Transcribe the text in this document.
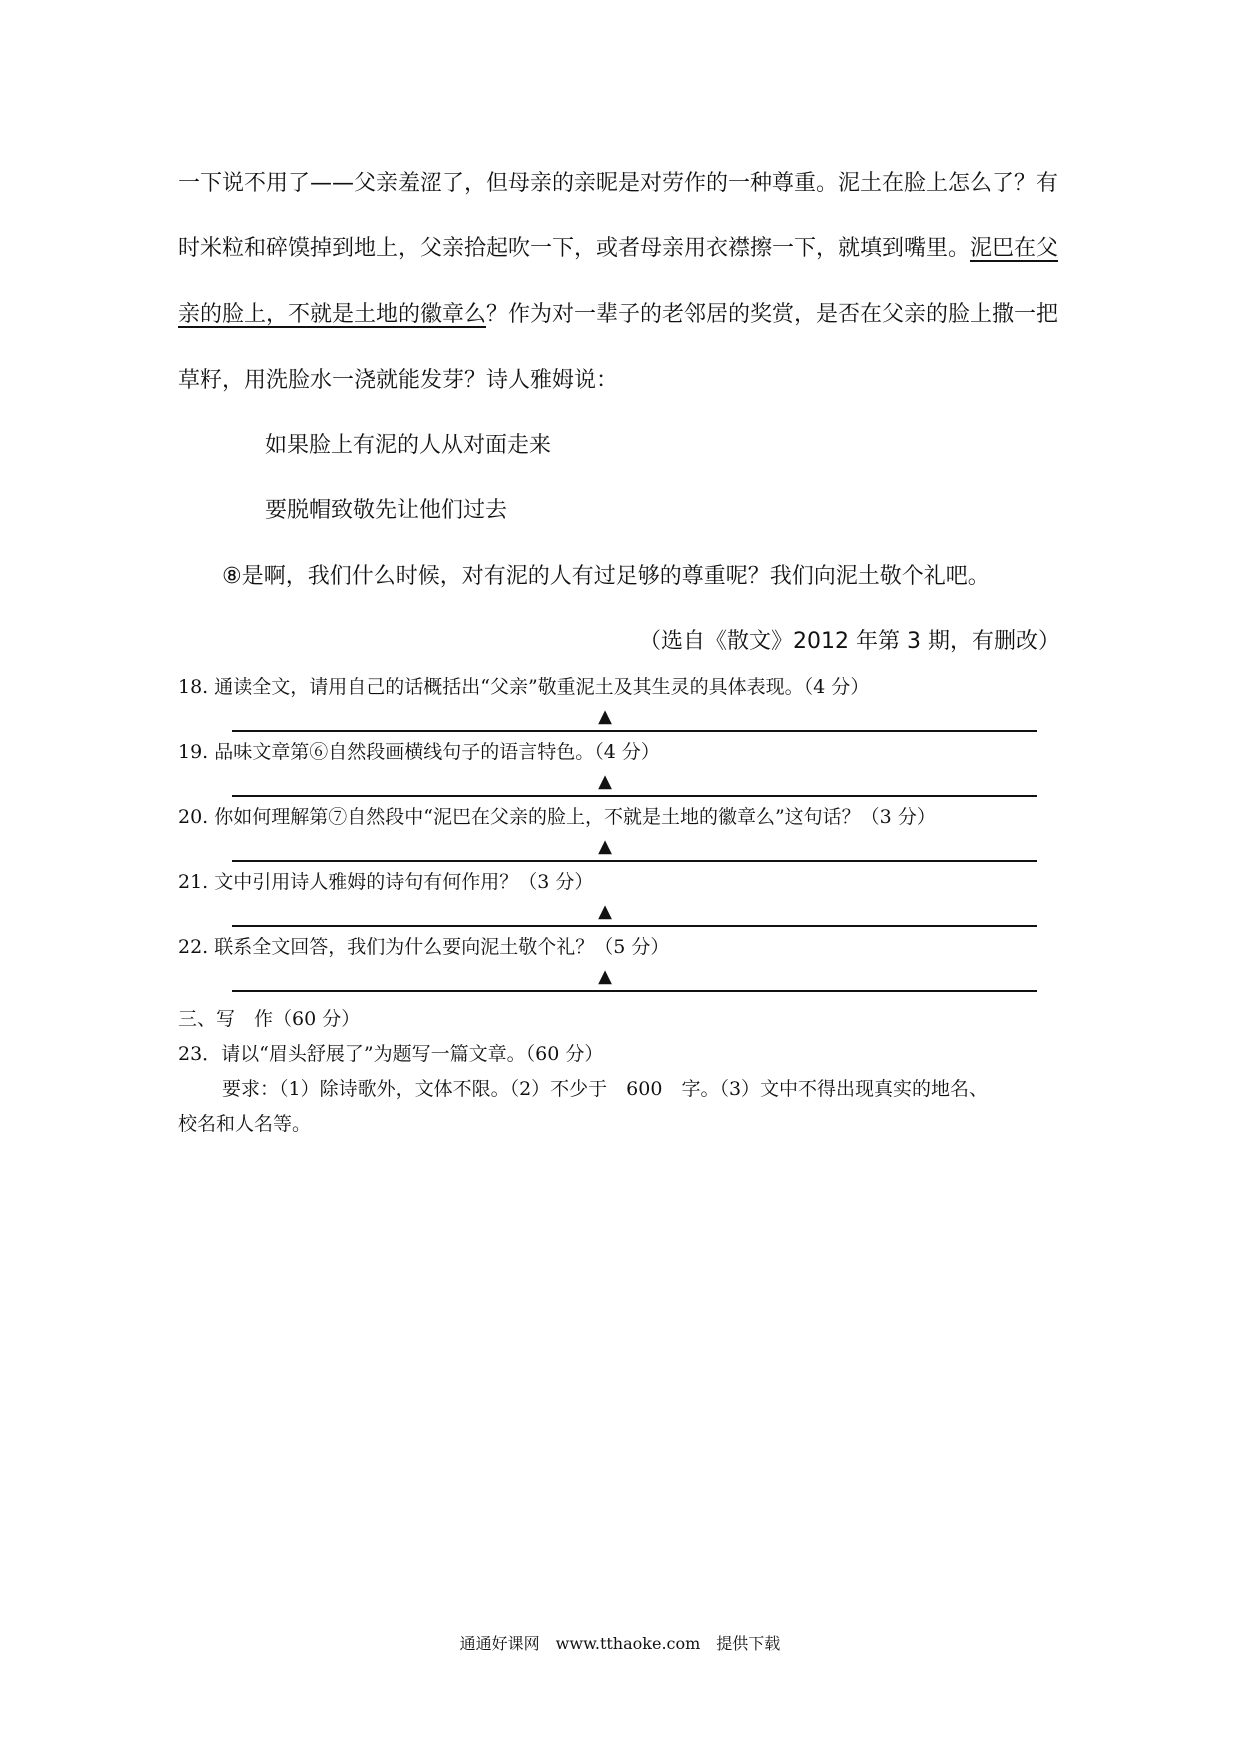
一下说不用了——父亲羞涩了，但母亲的亲昵是对劳作的一种尊重。泥土在脸上怎么了？有
时米粒和碎馍掉到地上，父亲拾起吹一下，或者母亲用衣襟擦一下，就填到嘴里。泥巴在父
亲的脸上，不就是土地的徽章么？作为对一辈子的老邻居的奖赏，是否在父亲的脸上撒一把
草籽，用洗脸水一浇就能发芽？诗人雅姆说：
如果脸上有泥的人从对面走来
要脱帽致敬先让他们过去
⑧是啊，我们什么时候，对有泥的人有过足够的尊重呢？我们向泥土敬个礼吧。
（选自《散文》2012 年第 3 期，有删改）
18. 通读全文，请用自己的话概括出“父亲”敬重泥土及其生灵的具体表现。（4 分）
▲
19. 品味文章第⑥自然段画横线句子的语言特色。（4 分）
▲
20. 你如何理解第⑦自然段中“泥巴在父亲的脸上，不就是土地的徽章么”这句话？（3 分）
▲
21. 文中引用诗人雅姆的诗句有何作用？（3 分）
▲
22. 联系全文回答，我们为什么要向泥土敬个礼？（5 分）
▲
三、写　作（60 分）
23．请以“眉头舒展了”为题写一篇文章。（60 分）
要求：（1）除诗歌外，文体不限。（2）不少于　600　字。（3）文中不得出现真实的地名、
校名和人名等。
通通好课网　www.tthaoke.com　提供下载
